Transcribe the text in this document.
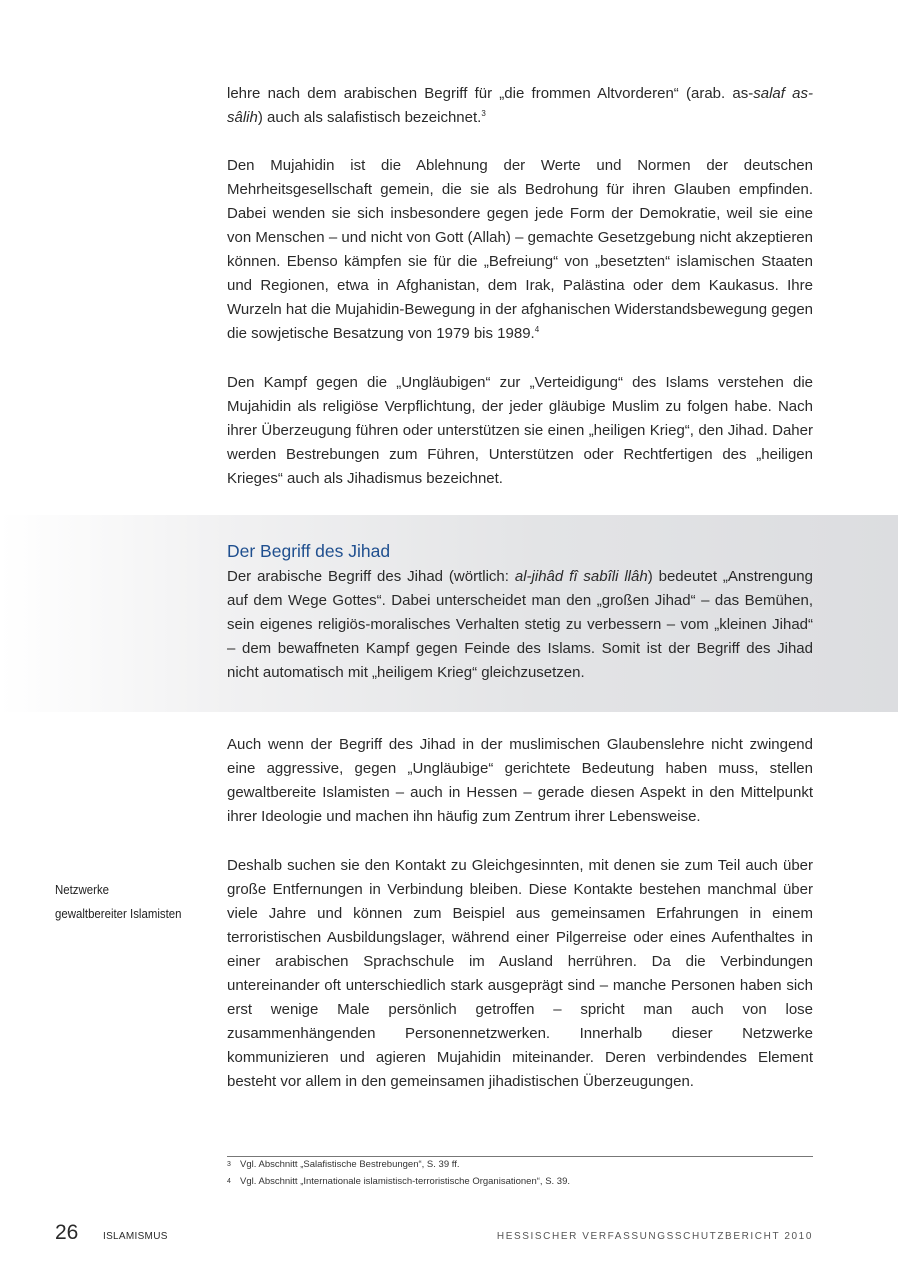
lehre nach dem arabischen Begriff für „die frommen Altvorderen“ (arab. as-salaf as-sâlih) auch als salafistisch bezeichnet.$^3$

Den Mujahidin ist die Ablehnung der Werte und Normen der deutschen Mehrheitsgesellschaft gemein, die sie als Bedrohung für ihren Glauben empfinden. Dabei wenden sie sich insbesondere gegen jede Form der Demokratie, weil sie eine von Menschen – und nicht von Gott (Allah) – gemachte Gesetzgebung nicht akzeptieren können. Ebenso kämpfen sie für die „Befreiung“ von „besetzten“ islamischen Staaten und Regionen, etwa in Afghanistan, dem Irak, Palästina oder dem Kaukasus. Ihre Wurzeln hat die Mujahidin-Bewegung in der afghanischen Widerstandsbewegung gegen die sowjetische Besatzung von 1979 bis 1989.$^4$

Den Kampf gegen die „Ungläubigen“ zur „Verteidigung“ des Islams verstehen die Mujahidin als religiöse Verpflichtung, der jeder gläubige Muslim zu folgen habe. Nach ihrer Überzeugung führen oder unterstützen sie einen „heiligen Krieg“, den Jihad. Daher werden Bestrebungen zum Führen, Unterstützen oder Rechtfertigen des „heiligen Krieges“ auch als Jihadismus bezeichnet.

Der Begriff des Jihad

Der arabische Begriff des Jihad (wörtlich: al-jihâd fî sabîli llâh) bedeutet „Anstrengung auf dem Wege Gottes“. Dabei unterscheidet man den „großen Jihad“ – das Bemühen, sein eigenes religiös-moralisches Verhalten stetig zu verbessern – vom „kleinen Jihad“ – dem bewaffneten Kampf gegen Feinde des Islams. Somit ist der Begriff des Jihad nicht automatisch mit „heiligem Krieg“ gleichzusetzen.

Auch wenn der Begriff des Jihad in der muslimischen Glaubenslehre nicht zwingend eine aggressive, gegen „Ungläubige“ gerichtete Bedeutung haben muss, stellen gewaltbereite Islamisten – auch in Hessen – gerade diesen Aspekt in den Mittelpunkt ihrer Ideologie und machen ihn häufig zum Zentrum ihrer Lebensweise.

Netzwerke
gewaltbereiter Islamisten

Deshalb suchen sie den Kontakt zu Gleichgesinnten, mit denen sie zum Teil auch über große Entfernungen in Verbindung bleiben. Diese Kontakte bestehen manchmal über viele Jahre und können zum Beispiel aus gemeinsamen Erfahrungen in einem terroristischen Ausbildungslager, während einer Pilgerreise oder eines Aufenthaltes in einer arabischen Sprachschule im Ausland herrühren. Da die Verbindungen untereinander oft unterschiedlich stark ausgeprägt sind – manche Personen haben sich erst wenige Male persönlich getroffen – spricht man auch von lose zusammenhängenden Personennetzwerken. Innerhalb dieser Netzwerke kommunizieren und agieren Mujahidin miteinander. Deren verbindendes Element besteht vor allem in den gemeinsamen jihadistischen Überzeugungen.

3 Vgl. Abschnitt „Salafistische Bestrebungen“, S. 39 ff.
4 Vgl. Abschnitt „Internationale islamistisch-terroristische Organisationen“, S. 39.
26 ISLAMISMUS	HESSISCHER VERFASSUNGSSCHUTZBERICHT 2010
